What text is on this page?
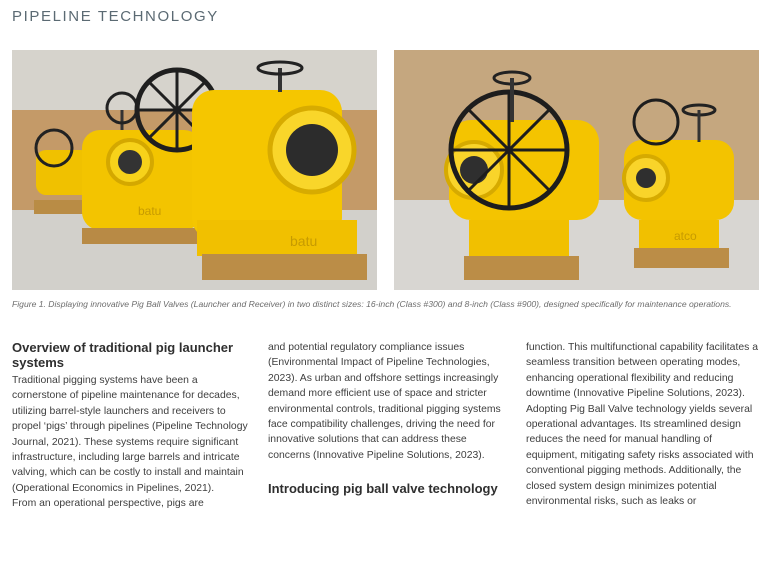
PIPELINE TECHNOLOGY
batu
batu	atco
Figure 1. Displaying innovative Pig Ball Valves (Launcher and Receiver) in two distinct sizes: 16-inch (Class #300) and 8-inch (Class #900), designed specifically for maintenance operations.
Overview of traditional pig launcher systems

Traditional pigging systems have been a cornerstone of pipeline maintenance for decades, utilizing barrel-style launchers and receivers to propel ‘pigs’ through pipelines (Pipeline Technology Journal, 2021). These systems require significant infrastructure, including large barrels and intricate valving, which can be costly to install and maintain (Operational Economics in Pipelines, 2021).

From an operational perspective, pigs are

and potential regulatory compliance issues (Environmental Impact of Pipeline Technologies, 2023). As urban and offshore settings increasingly demand more efficient use of space and stricter environmental controls, traditional pigging systems face compatibility challenges, driving the need for innovative solutions that can address these concerns (Innovative Pipeline Solutions, 2023).

Introducing pig ball valve technology

function. This multifunctional capability facilitates a seamless transition between operating modes, enhancing operational flexibility and reducing downtime (Innovative Pipeline Solutions, 2023). Adopting Pig Ball Valve technology yields several operational advantages. Its streamlined design reduces the need for manual handling of equipment, mitigating safety risks associated with conventional pigging methods. Additionally, the closed system design minimizes potential environmental risks, such as leaks or
